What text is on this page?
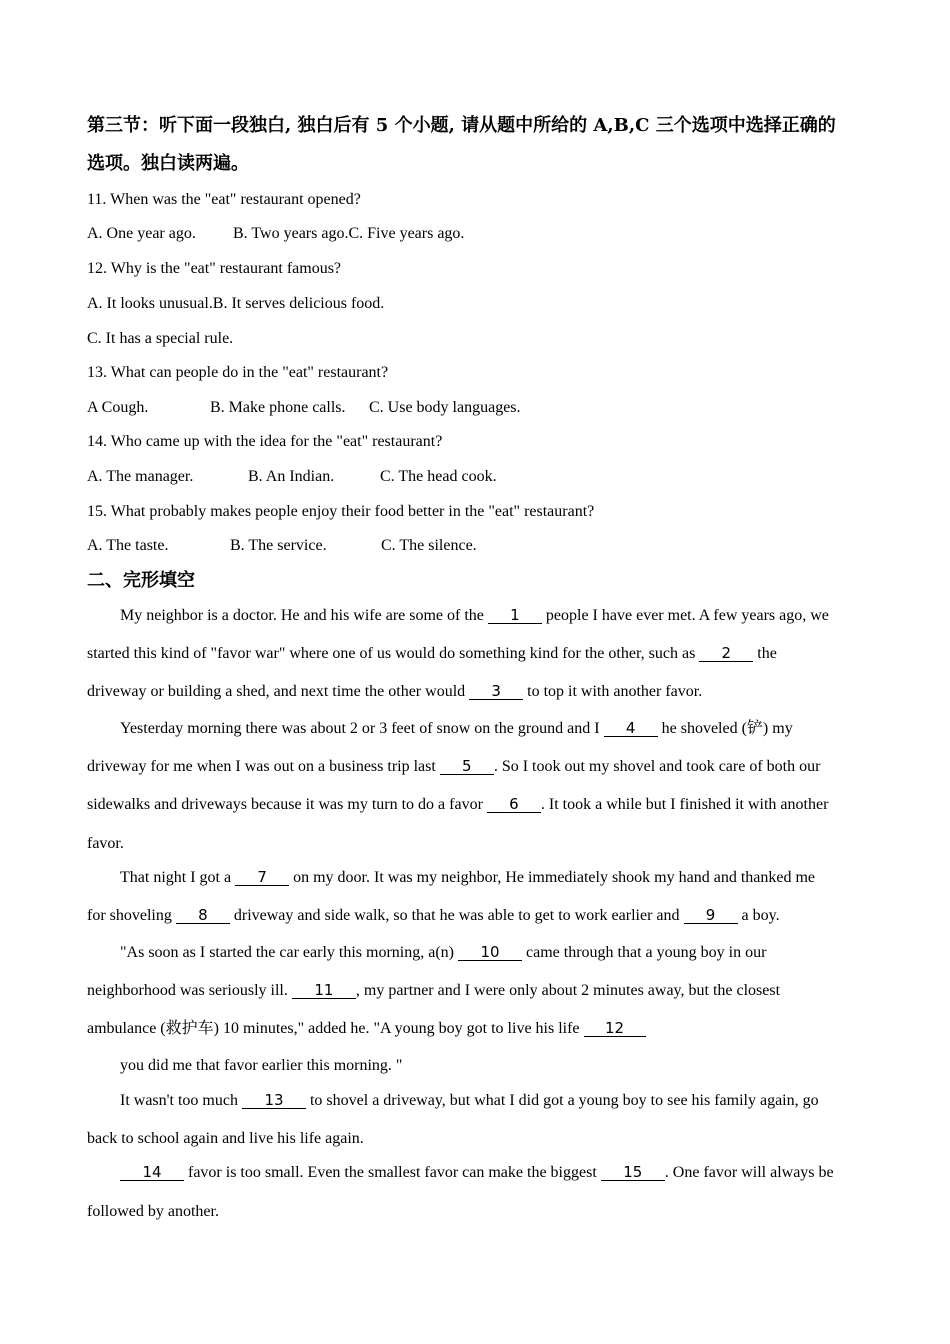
第三节：听下面一段独白, 独白后有 5 个小题, 请从题中所给的 A,B,C 三个选项中选择正确的
选项。独白读两遍。
11. When was the "eat" restaurant opened?
A. One year ago. B. Two years ago.C. Five years ago.
12. Why is the "eat" restaurant famous?
A. It looks unusual.B. It serves delicious food.
C. It has a special rule.
13. What can people do in the "eat" restaurant?
A Cough.	B. Make phone calls. C. Use body languages.
14. Who came up with the idea for the "eat" restaurant?
A. The manager.	B. An Indian.	C. The head cook.
15. What probably makes people enjoy their food better in the "eat" restaurant?
A. The taste.	B. The service.	C. The silence.
二、完形填空
My neighbor is a doctor. He and his wife are some of the 1 people I have ever met. A few years ago, we
started this kind of "favor war" where one of us would do something kind for the other, such as 2 the
driveway or building a shed, and next time the other would 3 to top it with another favor.
Yesterday morning there was about 2 or 3 feet of snow on the ground and I 4 he shoveled (铲) my
driveway for me when I was out on a business trip last 5 . So I took out my shovel and took care of both our
sidewalks and driveways because it was my turn to do a favor 6 . It took a while but I finished it with another
favor.
That night I got a 7 on my door. It was my neighbor, He immediately shook my hand and thanked me
for shoveling 8 driveway and side walk, so that he was able to get to work earlier and 9 a boy.
"As soon as I started the car early this morning, a(n) 10 came through that a young boy in our
neighborhood was seriously ill. 11 , my partner and I were only about 2 minutes away, but the closest
ambulance (救护车) 10 minutes," added he. "A young boy got to live his life 12
you did me that favor earlier this morning. "
It wasn't too much 13 to shovel a driveway, but what I did got a young boy to see his family again, go
back to school again and live his life again.
14 favor is too small. Even the smallest favor can make the biggest 15 . One favor will always be
followed by another.
